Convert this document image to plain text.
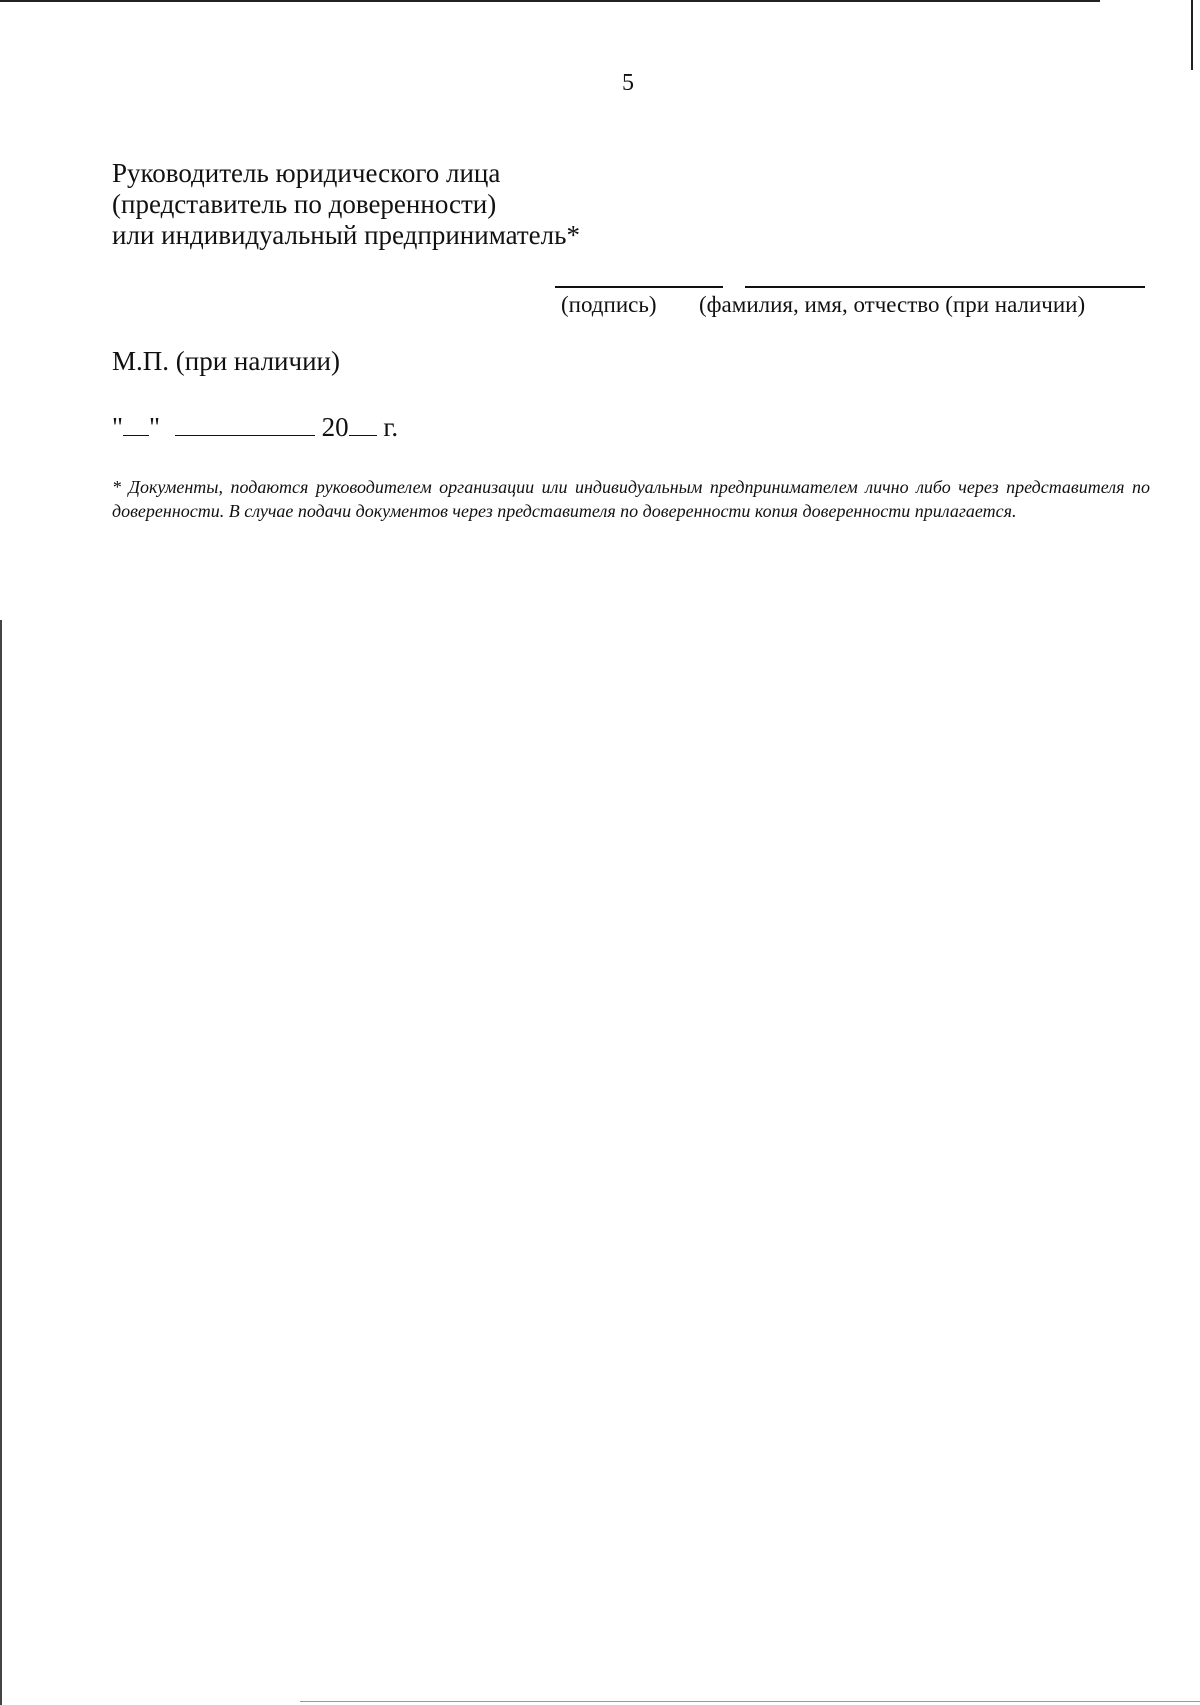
5
Руководитель юридического лица
(представитель по доверенности)
или индивидуальный предприниматель*
(подпись) (фамилия, имя, отчество (при наличии)
М.П. (при наличии)
" "	20 г.
* Документы, подаются руководителем организации или индивидуальным предпринимателем лично либо через представителя по доверенности. В случае подачи документов через представителя по доверенности копия доверенности прилагается.
